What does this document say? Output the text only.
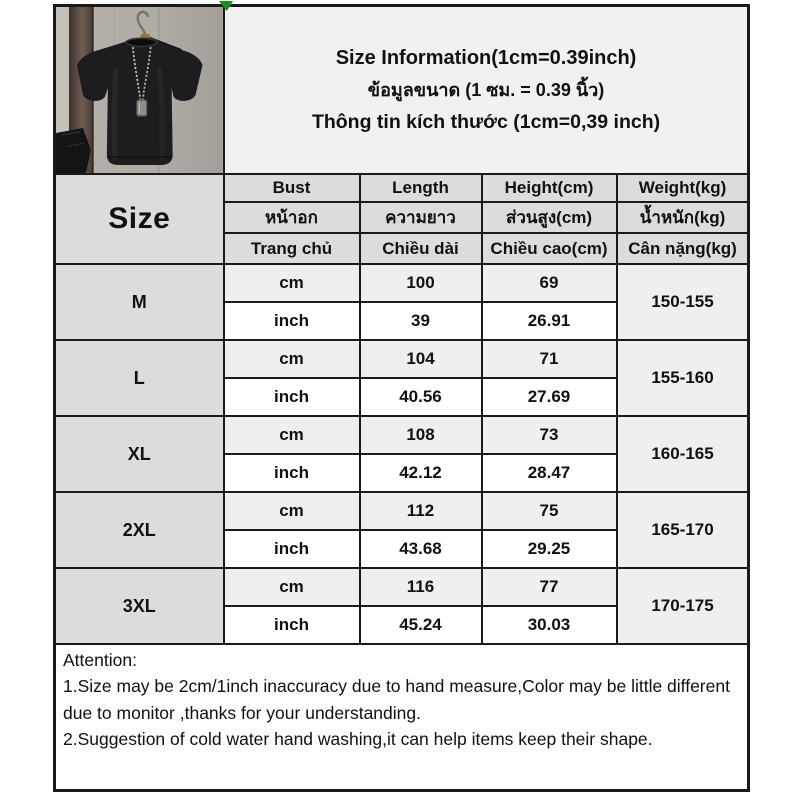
Size Information(1cm=0.39inch)
ข้อมูลขนาด (1 ซม. = 0.39 นิ้ว)
Thông tin kích thước (1cm=0,39 inch)				

Size	Bust	Length	Height(cm)	Weight(kg)	
	หน้าอก	ความยาว	ส่วนสูง(cm)	น้ำหนัก(kg)	
	Trang chủ	Chiều dài	Chiều cao(cm)	Cân nặng(kg)	
M	cm	100	69	150-155	
	inch	39	26.91		
L	cm	104	71	155-160	
	inch	40.56	27.69		
XL	cm	108	73	160-165	
	inch	42.12	28.47		
2XL	cm	112	75	165-170	
	inch	43.68	29.25		
3XL	cm	116	77	170-175	
	inch	45.24	30.03		

Attention:
1.Size may be 2cm/1inch inaccuracy due to hand measure,Color may be little different due to monitor ,thanks for your understanding.
2.Suggestion of cold water hand washing,it can help items keep their shape.					
